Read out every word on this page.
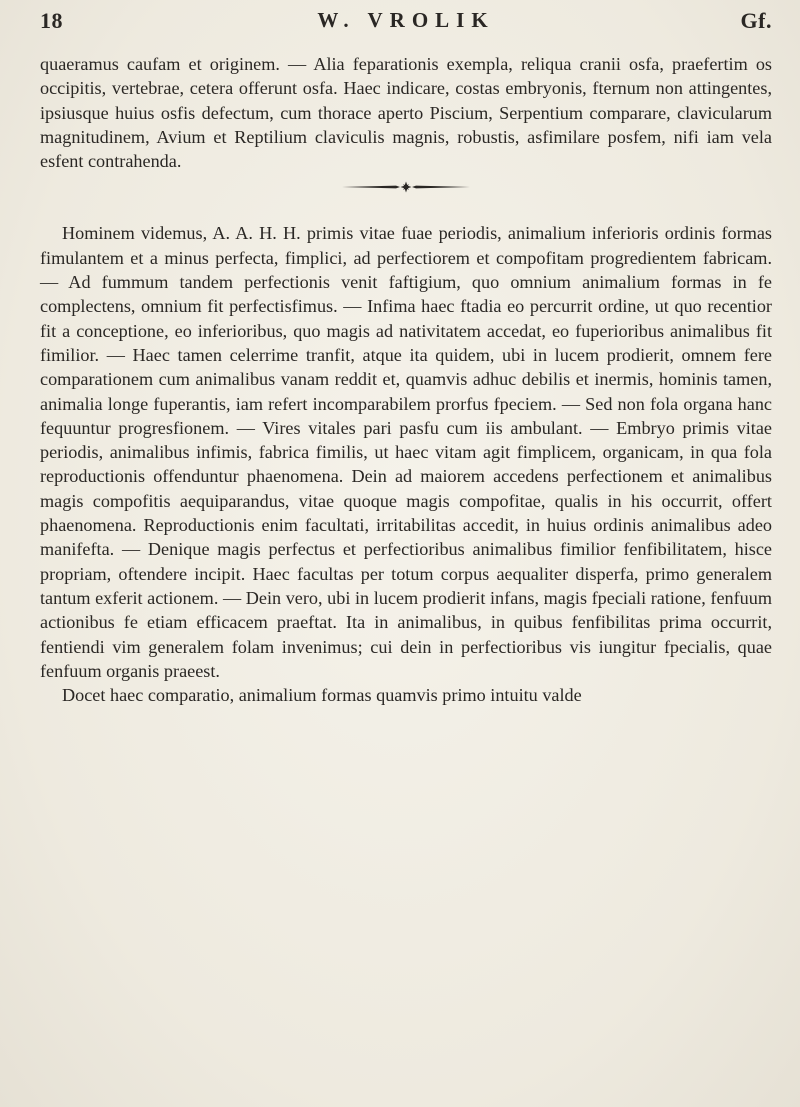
18	W. VROLIK	Gf.

quaeramus caufam et originem. — Alia feparationis exempla, reliqua cranii osfa, praefertim os occipitis, vertebrae, cetera offerunt osfa. Haec indicare, costas embryonis, fternum non attingentes, ipsiusque huius osfis defectum, cum thorace aperto Piscium, Serpentium comparare, clavicularum magnitudinem, Avium et Reptilium claviculis magnis, robustis, asfimilare posfem, nifi iam vela esfent contrahenda.

Hominem videmus, A. A. H. H. primis vitae fuae periodis, animalium inferioris ordinis formas fimulantem et a minus perfecta, fimplici, ad perfectiorem et compofitam progredientem fabricam. — Ad fummum tandem perfectionis venit faftigium, quo omnium animalium formas in fe complectens, omnium fit perfectisfimus. — Infima haec ftadia eo percurrit ordine, ut quo recentior fit a conceptione, eo inferioribus, quo magis ad nativitatem accedat, eo fuperioribus animalibus fit fimilior. — Haec tamen celerrime tranfit, atque ita quidem, ubi in lucem prodierit, omnem fere comparationem cum animalibus vanam reddit et, quamvis adhuc debilis et inermis, hominis tamen, animalia longe fuperantis, iam refert incomparabilem prorfus fpeciem. — Sed non fola organa hanc fequuntur progresfionem. — Vires vitales pari pasfu cum iis ambulant. — Embryo primis vitae periodis, animalibus infimis, fabrica fimilis, ut haec vitam agit fimplicem, organicam, in qua fola reproductionis offenduntur phaenomena. Dein ad maiorem accedens perfectionem et animalibus magis compofitis aequiparandus, vitae quoque magis compofitae, qualis in his occurrit, offert phaenomena. Reproductionis enim facultati, irritabilitas accedit, in huius ordinis animalibus adeo manifefta. — Denique magis perfectus et perfectioribus animalibus fimilior fenfibilitatem, hisce propriam, oftendere incipit. Haec facultas per totum corpus aequaliter disperfa, primo generalem tantum exferit actionem. — Dein vero, ubi in lucem prodierit infans, magis fpeciali ratione, fenfuum actionibus fe etiam efficacem praeftat. Ita in animalibus, in quibus fenfibilitas prima occurrit, fentiendi vim generalem folam invenimus; cui dein in perfectioribus vis iungitur fpecialis, quae fenfuum organis praeest.

Docet haec comparatio, animalium formas quamvis primo intuitu valde
